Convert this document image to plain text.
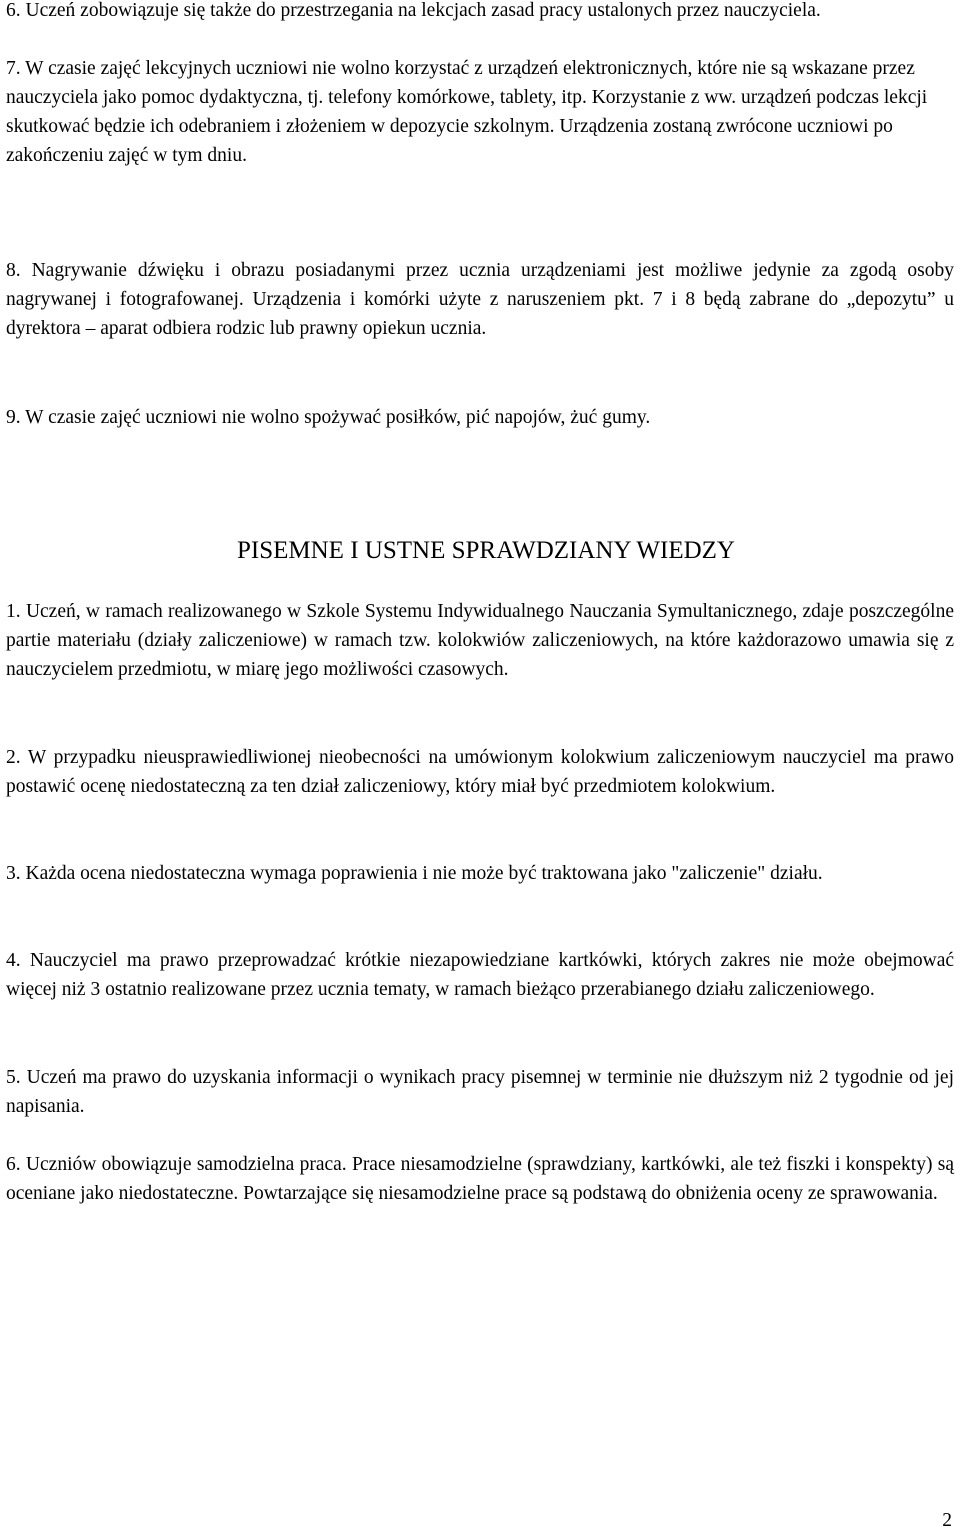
6. Uczeń zobowiązuje się także do przestrzegania na lekcjach zasad pracy ustalonych przez nauczyciela.

7. W czasie zajęć lekcyjnych uczniowi nie wolno korzystać z urządzeń elektronicznych, które nie są wskazane przez nauczyciela jako pomoc dydaktyczna, tj. telefony komórkowe, tablety, itp. Korzystanie z ww. urządzeń podczas lekcji skutkować będzie ich odebraniem i złożeniem w depozycie szkolnym. Urządzenia zostaną zwrócone uczniowi po zakończeniu zajęć w tym dniu.

8. Nagrywanie dźwięku i obrazu posiadanymi przez ucznia urządzeniami jest możliwe jedynie za zgodą osoby nagrywanej i fotografowanej. Urządzenia i komórki użyte z naruszeniem pkt. 7 i 8 będą zabrane do „depozytu” u dyrektora – aparat odbiera rodzic lub prawny opiekun ucznia.

9. W czasie zajęć uczniowi nie wolno spożywać posiłków, pić napojów, żuć gumy.

PISEMNE I USTNE SPRAWDZIANY WIEDZY

1. Uczeń, w ramach realizowanego w Szkole Systemu Indywidualnego Nauczania Symultanicznego, zdaje poszczególne partie materiału (działy zaliczeniowe) w ramach tzw. kolokwiów zaliczeniowych, na które każdorazowo umawia się z nauczycielem przedmiotu, w miarę jego możliwości czasowych.

2. W przypadku nieusprawiedliwionej nieobecności na umówionym kolokwium zaliczeniowym nauczyciel ma prawo postawić ocenę niedostateczną za ten dział zaliczeniowy, który miał być przedmiotem kolokwium.

3. Każda ocena niedostateczna wymaga poprawienia i nie może być traktowana jako "zaliczenie" działu.

4. Nauczyciel ma prawo przeprowadzać krótkie niezapowiedziane kartkówki, których zakres nie może obejmować więcej niż 3 ostatnio realizowane przez ucznia tematy, w ramach bieżąco przerabianego działu zaliczeniowego.

5. Uczeń ma prawo do uzyskania informacji o wynikach pracy pisemnej w terminie nie dłuższym niż 2 tygodnie od jej napisania.

6. Uczniów obowiązuje samodzielna praca. Prace niesamodzielne (sprawdziany, kartkówki, ale też fiszki i konspekty) są oceniane jako niedostateczne. Powtarzające się niesamodzielne prace są podstawą do obniżenia oceny ze sprawowania.

2
